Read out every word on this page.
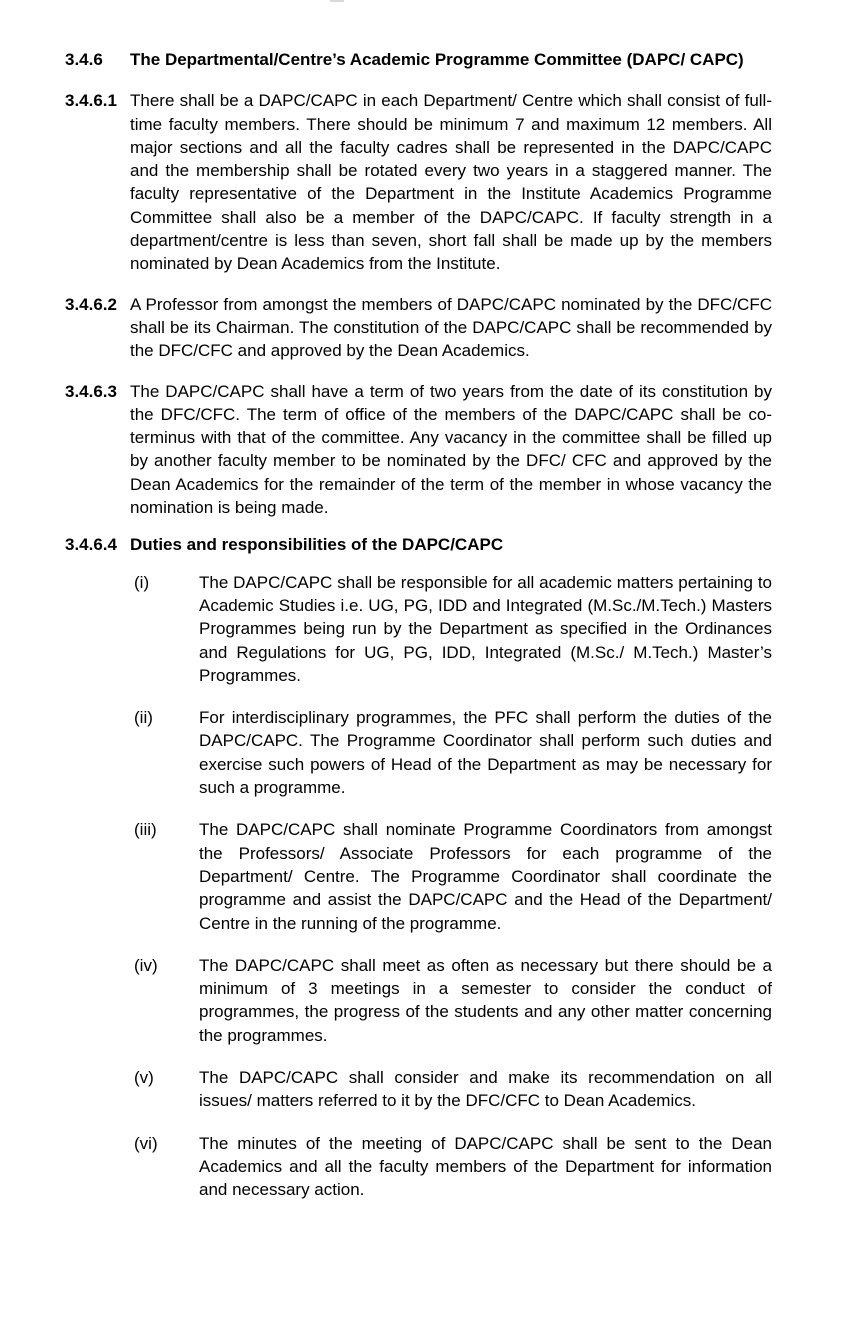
3.4.6	The Departmental/Centre’s Academic Programme Committee (DAPC/ CAPC)
3.4.6.1 There shall be a DAPC/CAPC in each Department/ Centre which shall consist of full-time faculty members. There should be minimum 7 and maximum 12 members. All major sections and all the faculty cadres shall be represented in the DAPC/CAPC and the membership shall be rotated every two years in a staggered manner. The faculty representative of the Department in the Institute Academics Programme Committee shall also be a member of the DAPC/CAPC. If faculty strength in a department/centre is less than seven, short fall shall be made up by the members nominated by Dean Academics from the Institute.
3.4.6.2 A Professor from amongst the members of DAPC/CAPC nominated by the DFC/CFC shall be its Chairman. The constitution of the DAPC/CAPC shall be recommended by the DFC/CFC and approved by the Dean Academics.
3.4.6.3 The DAPC/CAPC shall have a term of two years from the date of its constitution by the DFC/CFC. The term of office of the members of the DAPC/CAPC shall be co-terminus with that of the committee. Any vacancy in the committee shall be filled up by another faculty member to be nominated by the DFC/ CFC and approved by the Dean Academics for the remainder of the term of the member in whose vacancy the nomination is being made.
3.4.6.4 Duties and responsibilities of the DAPC/CAPC
(i)	The DAPC/CAPC shall be responsible for all academic matters pertaining to Academic Studies i.e. UG, PG, IDD and Integrated (M.Sc./M.Tech.) Masters Programmes being run by the Department as specified in the Ordinances and Regulations for UG, PG, IDD, Integrated (M.Sc./ M.Tech.) Master’s Programmes.
(ii)	For interdisciplinary programmes, the PFC shall perform the duties of the DAPC/CAPC. The Programme Coordinator shall perform such duties and exercise such powers of Head of the Department as may be necessary for such a programme.
(iii)	The DAPC/CAPC shall nominate Programme Coordinators from amongst the Professors/ Associate Professors for each programme of the Department/ Centre. The Programme Coordinator shall coordinate the programme and assist the DAPC/CAPC and the Head of the Department/ Centre in the running of the programme.
(iv)	The DAPC/CAPC shall meet as often as necessary but there should be a minimum of 3 meetings in a semester to consider the conduct of programmes, the progress of the students and any other matter concerning the programmes.
(v)	The DAPC/CAPC shall consider and make its recommendation on all issues/ matters referred to it by the DFC/CFC to Dean Academics.
(vi)	The minutes of the meeting of DAPC/CAPC shall be sent to the Dean Academics and all the faculty members of the Department for information and necessary action.
